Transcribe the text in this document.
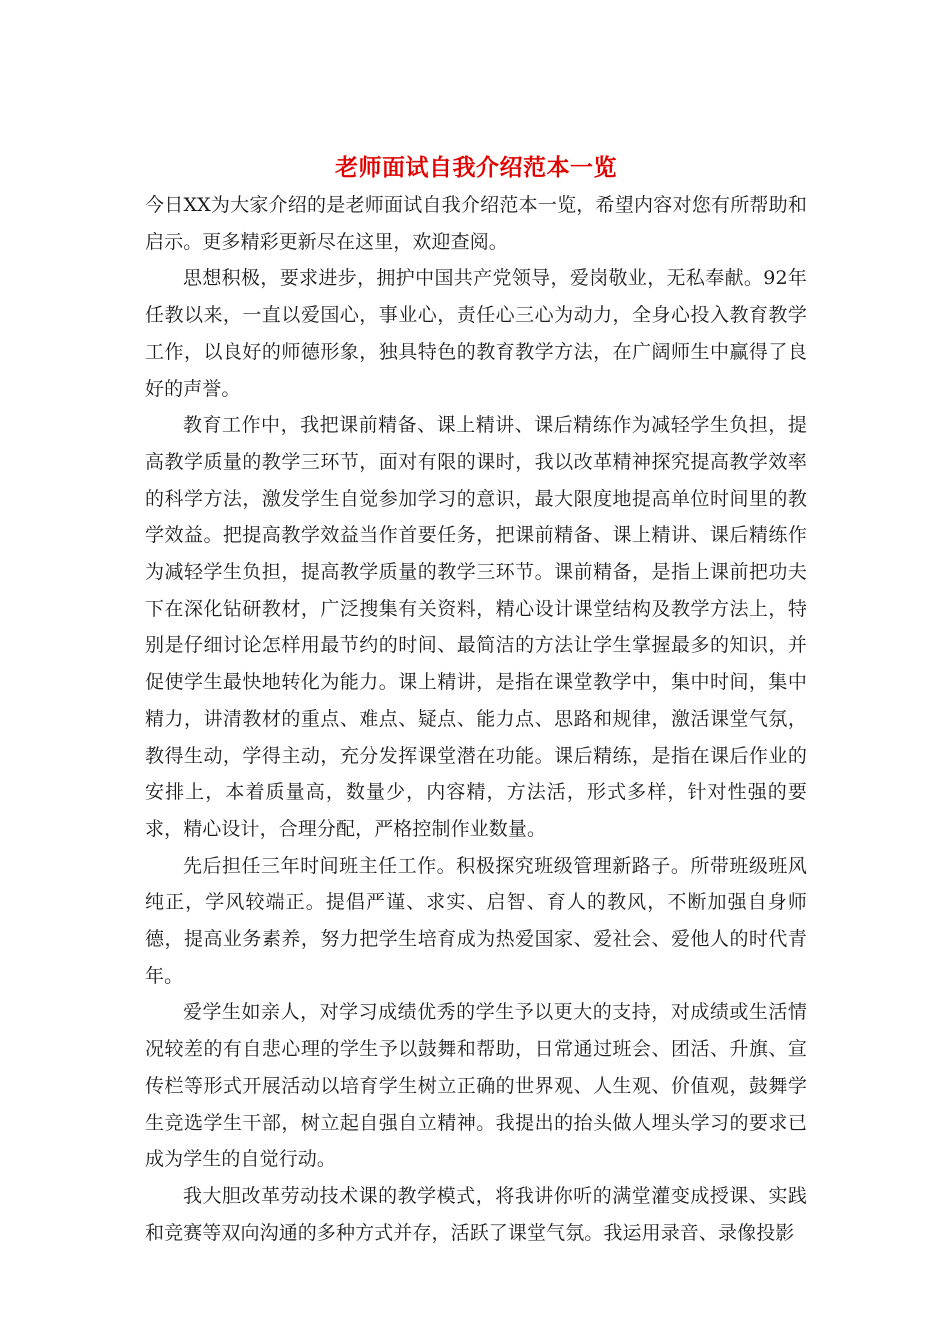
老师面试自我介绍范本一览

今日XX为大家介绍的是老师面试自我介绍范本一览，希望内容对您有所帮助和启示。更多精彩更新尽在这里，欢迎查阅。

思想积极，要求进步，拥护中国共产党领导，爱岗敬业，无私奉献。92年任教以来，一直以爱国心，事业心，责任心三心为动力，全身心投入教育教学工作，以良好的师德形象，独具特色的教育教学方法，在广阔师生中赢得了良好的声誉。

教育工作中，我把课前精备、课上精讲、课后精练作为减轻学生负担，提高教学质量的教学三环节，面对有限的课时，我以改革精神探究提高教学效率的科学方法，激发学生自觉参加学习的意识，最大限度地提高单位时间里的教学效益。把提高教学效益当作首要任务，把课前精备、课上精讲、课后精练作为减轻学生负担，提高教学质量的教学三环节。课前精备，是指上课前把功夫下在深化钻研教材，广泛搜集有关资料，精心设计课堂结构及教学方法上，特别是仔细讨论怎样用最节约的时间、最简洁的方法让学生掌握最多的知识，并促使学生最快地转化为能力。课上精讲，是指在课堂教学中，集中时间，集中精力，讲清教材的重点、难点、疑点、能力点、思路和规律，激活课堂气氛，教得生动，学得主动，充分发挥课堂潜在功能。课后精练，是指在课后作业的安排上，本着质量高，数量少，内容精，方法活，形式多样，针对性强的要求，精心设计，合理分配，严格控制作业数量。

先后担任三年时间班主任工作。积极探究班级管理新路子。所带班级班风纯正，学风较端正。提倡严谨、求实、启智、育人的教风，不断加强自身师德，提高业务素养，努力把学生培育成为热爱国家、爱社会、爱他人的时代青年。

爱学生如亲人，对学习成绩优秀的学生予以更大的支持，对成绩或生活情况较差的有自悲心理的学生予以鼓舞和帮助，日常通过班会、团活、升旗、宣传栏等形式开展活动以培育学生树立正确的世界观、人生观、价值观，鼓舞学生竞选学生干部，树立起自强自立精神。我提出的抬头做人埋头学习的要求已成为学生的自觉行动。

我大胆改革劳动技术课的教学模式，将我讲你听的满堂灌变成授课、实践和竞赛等双向沟通的多种方式并存，活跃了课堂气氛。我运用录音、录像投影
